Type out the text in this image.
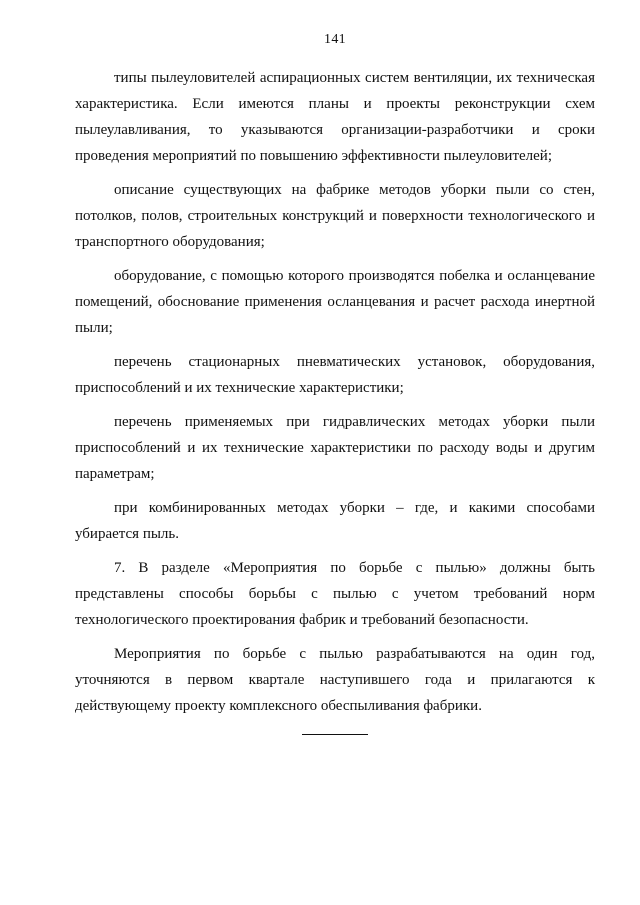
141

типы пылеуловителей аспирационных систем вентиляции, их техническая характеристика. Если имеются планы и проекты реконструкции схем пылеулавливания, то указываются организации-разработчики и сроки проведения мероприятий по повышению эффективности пылеуловителей;

описание существующих на фабрике методов уборки пыли со стен, потолков, полов, строительных конструкций и поверхности технологического и транспортного оборудования;

оборудование, с помощью которого производятся побелка и осланцевание помещений, обоснование применения осланцевания и расчет расхода инертной пыли;

перечень стационарных пневматических установок, оборудования, приспособлений и их технические характеристики;

перечень применяемых при гидравлических методах уборки пыли приспособлений и их технические характеристики по расходу воды и другим параметрам;

при комбинированных методах уборки – где, и какими способами убирается пыль.

7. В разделе «Мероприятия по борьбе с пылью» должны быть представлены способы борьбы с пылью с учетом требований норм технологического проектирования фабрик и требований безопасности.

Мероприятия по борьбе с пылью разрабатываются на один год, уточняются в первом квартале наступившего года и прилагаются к действующему проекту комплексного обеспыливания фабрики.
